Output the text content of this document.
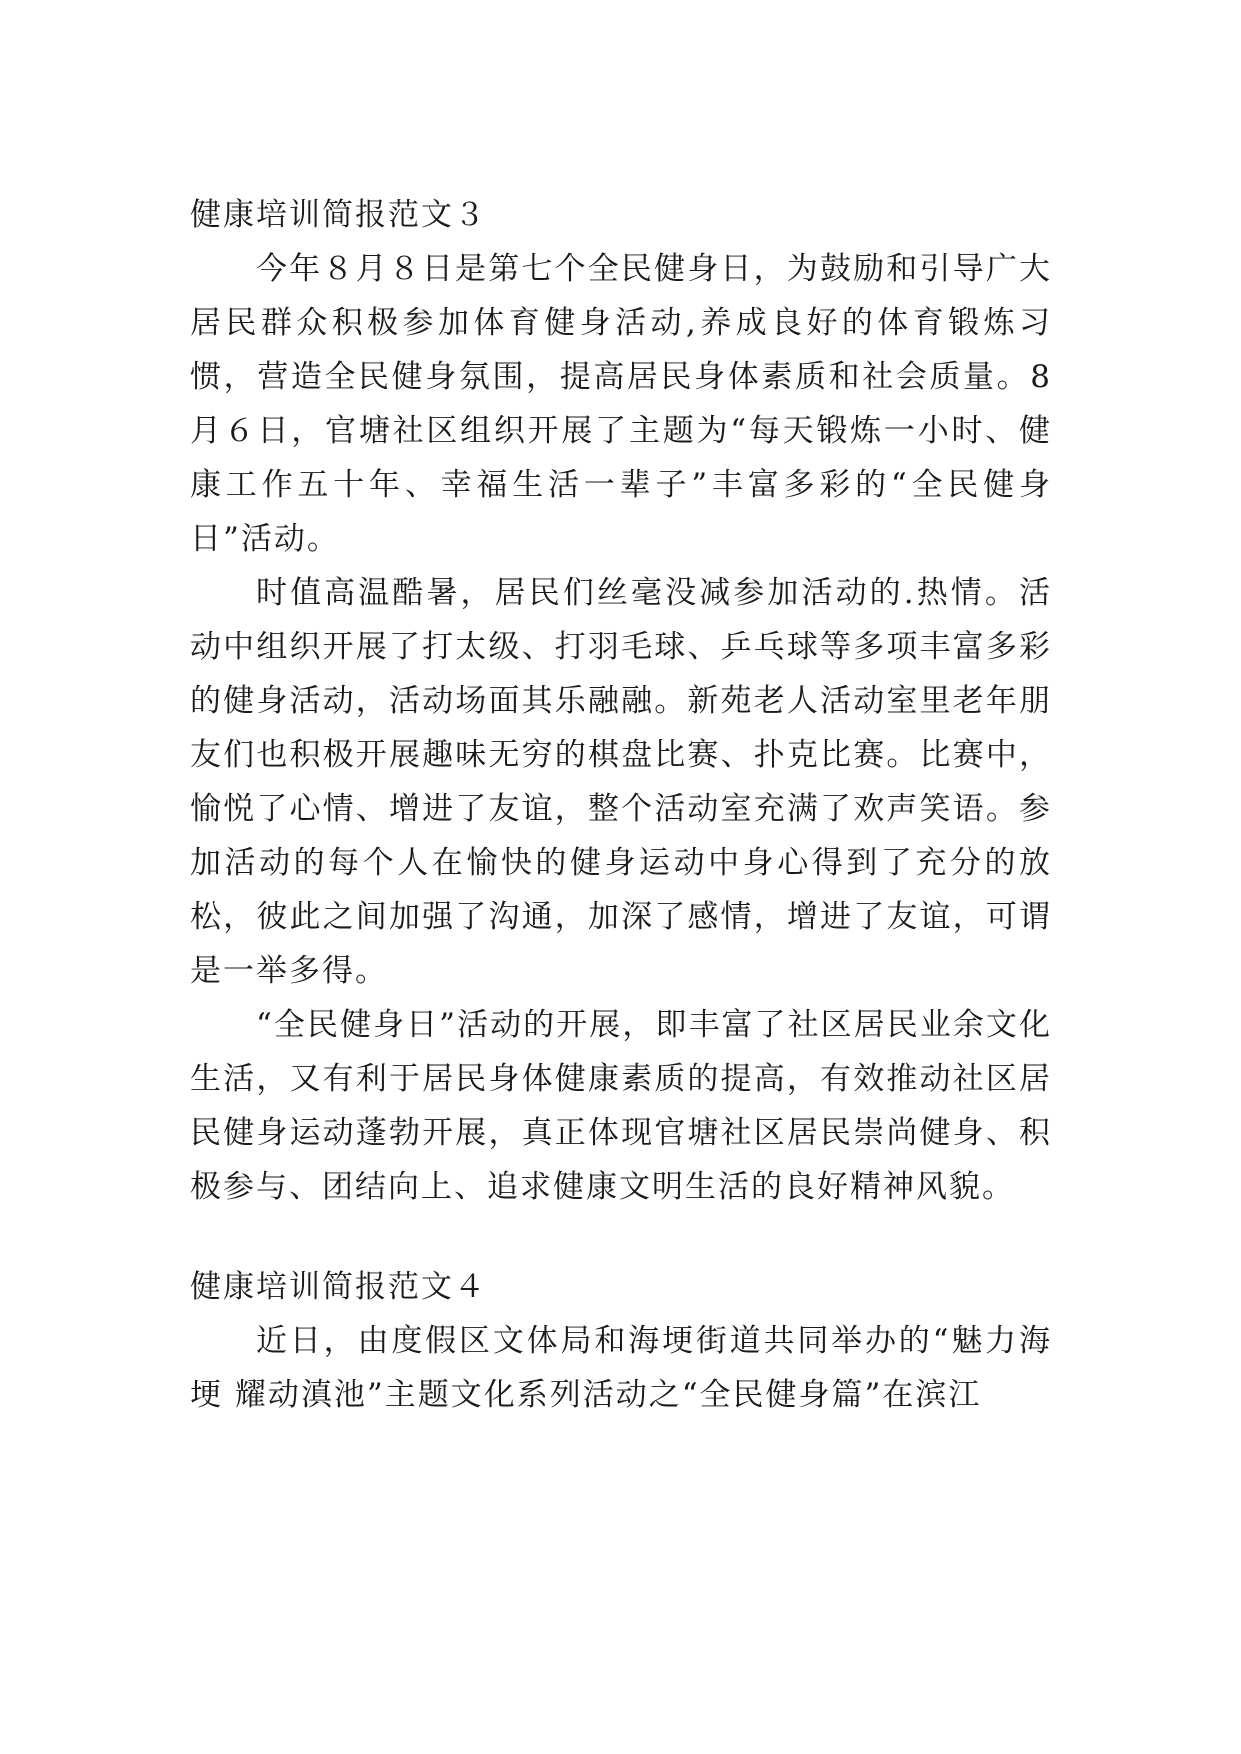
健康培训简报范文３

今年８月８日是第七个全民健身日，为鼓励和引导广大居民群众积极参加体育健身活动,养成良好的体育锻炼习惯，营造全民健身氛围，提高居民身体素质和社会质量。8月６日，官塘社区组织开展了主题为“每天锻炼一小时、健康工作五十年、幸福生活一辈子”丰富多彩的“全民健身日”活动。

时值高温酷暑，居民们丝毫没减参加活动的.热情。活动中组织开展了打太级、打羽毛球、乒乓球等多项丰富多彩的健身活动，活动场面其乐融融。新苑老人活动室里老年朋友们也积极开展趣味无穷的棋盘比赛、扑克比赛。比赛中，愉悦了心情、增进了友谊，整个活动室充满了欢声笑语。参加活动的每个人在愉快的健身运动中身心得到了充分的放松，彼此之间加强了沟通，加深了感情，增进了友谊，可谓是一举多得。

“全民健身日”活动的开展，即丰富了社区居民业余文化生活，又有利于居民身体健康素质的提高，有效推动社区居民健身运动蓬勃开展，真正体现官塘社区居民崇尚健身、积极参与、团结向上、追求健康文明生活的良好精神风貌。

健康培训简报范文４

近日，由度假区文体局和海埂街道共同举办的“魅力海埂 耀动滇池”主题文化系列活动之“全民健身篇”在滨江
